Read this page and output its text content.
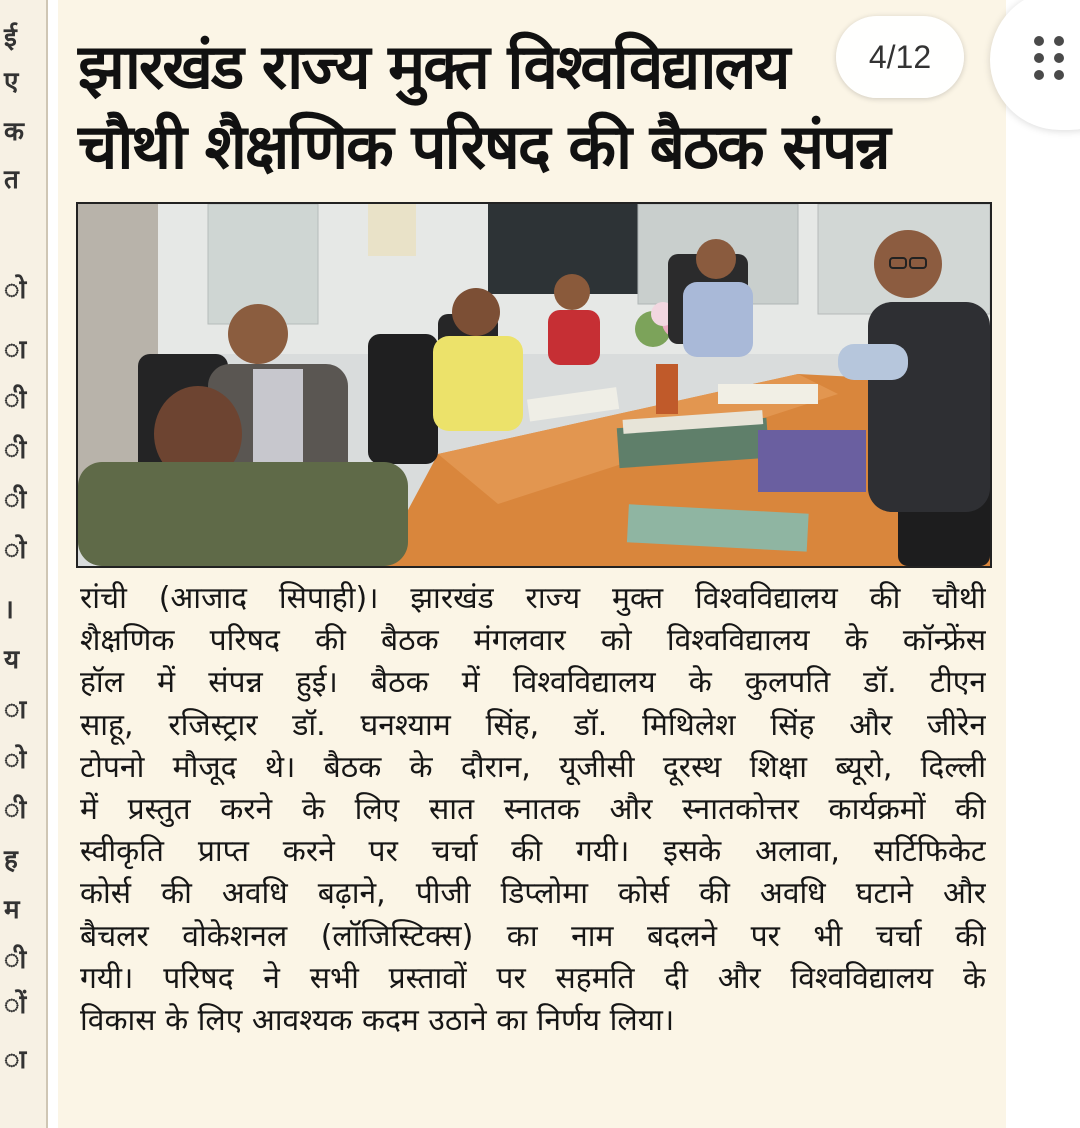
ई
ए
क
त
ो
ा
ी
ी
ी
ो
।
य
ा
ो
ी
ह
म
ी
ों
ा
झारखंड राज्य मुक्त विश्वविद्यालय
चौथी शैक्षणिक परिषद की बैठक संपन्न
रांची (आजाद सिपाही)। झारखंड राज्य मुक्त विश्वविद्यालय की चौथी
शैक्षणिक परिषद की बैठक मंगलवार को विश्वविद्यालय के कॉन्फ्रेंस
हॉल में संपन्न हुई। बैठक में विश्वविद्यालय के कुलपति डॉ. टीएन
साहू, रजिस्ट्रार डॉ. घनश्याम सिंह, डॉ. मिथिलेश सिंह और जीरेन
टोपनो मौजूद थे। बैठक के दौरान, यूजीसी दूरस्थ शिक्षा ब्यूरो, दिल्ली
में प्रस्तुत करने के लिए सात स्नातक और स्नातकोत्तर कार्यक्रमों की
स्वीकृति प्राप्त करने पर चर्चा की गयी। इसके अलावा, सर्टिफिकेट
कोर्स की अवधि बढ़ाने, पीजी डिप्लोमा कोर्स की अवधि घटाने और
बैचलर वोकेशनल (लॉजिस्टिक्स) का नाम बदलने पर भी चर्चा की
गयी। परिषद ने सभी प्रस्तावों पर सहमति दी और विश्वविद्यालय के
विकास के लिए आवश्यक कदम उठाने का निर्णय लिया।
4/12
